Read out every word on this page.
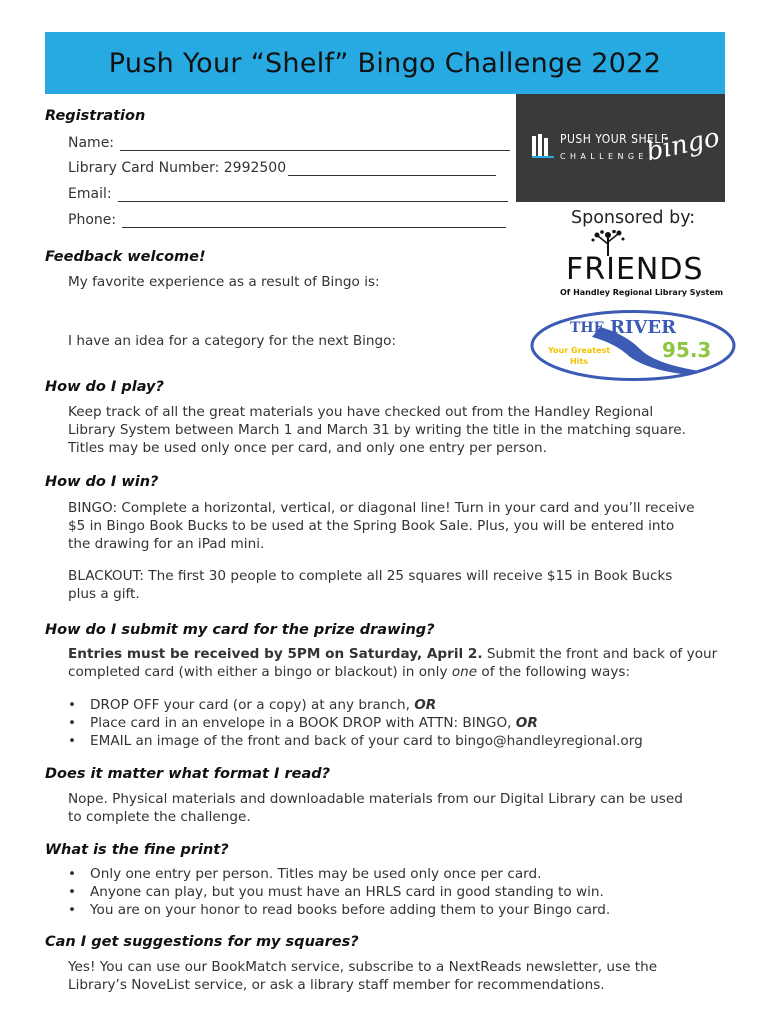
Push Your “Shelf” Bingo Challenge 2022
PUSH YOUR SHELF
CHALLENGE
bingo
Registration
Name:
Library Card Number: 2992500
Email:
Phone:	Sponsored by:
FRIENDS
Of Handley Regional Library System
THE RIVER
95.3
Your Greatest
Hits
WZRV
Feedback welcome!
My favorite experience as a result of Bingo is:
I have an idea for a category for the next Bingo:
How do I play?
Keep track of all the great materials you have checked out from the Handley Regional
Library System between March 1 and March 31 by writing the title in the matching square.
Titles may be used only once per card, and only one entry per person.
How do I win?
BINGO: Complete a horizontal, vertical, or diagonal line! Turn in your card and you’ll receive
$5 in Bingo Book Bucks to be used at the Spring Book Sale. Plus, you will be entered into
the drawing for an iPad mini.
BLACKOUT: The first 30 people to complete all 25 squares will receive $15 in Book Bucks
plus a gift.
How do I submit my card for the prize drawing?
Entries must be received by 5PM on Saturday, April 2. Submit the front and back of your
completed card (with either a bingo or blackout) in only one of the following ways:
•	DROP OFF your card (or a copy) at any branch, OR
•	Place card in an envelope in a BOOK DROP with ATTN: BINGO, OR
•	EMAIL an image of the front and back of your card to bingo@handleyregional.org
Does it matter what format I read?
Nope. Physical materials and downloadable materials from our Digital Library can be used
to complete the challenge.
What is the fine print?
•	Only one entry per person. Titles may be used only once per card.
•	Anyone can play, but you must have an HRLS card in good standing to win.
•	You are on your honor to read books before adding them to your Bingo card.
Can I get suggestions for my squares?
Yes! You can use our BookMatch service, subscribe to a NextReads newsletter, use the
Library’s NoveList service, or ask a library staff member for recommendations.
